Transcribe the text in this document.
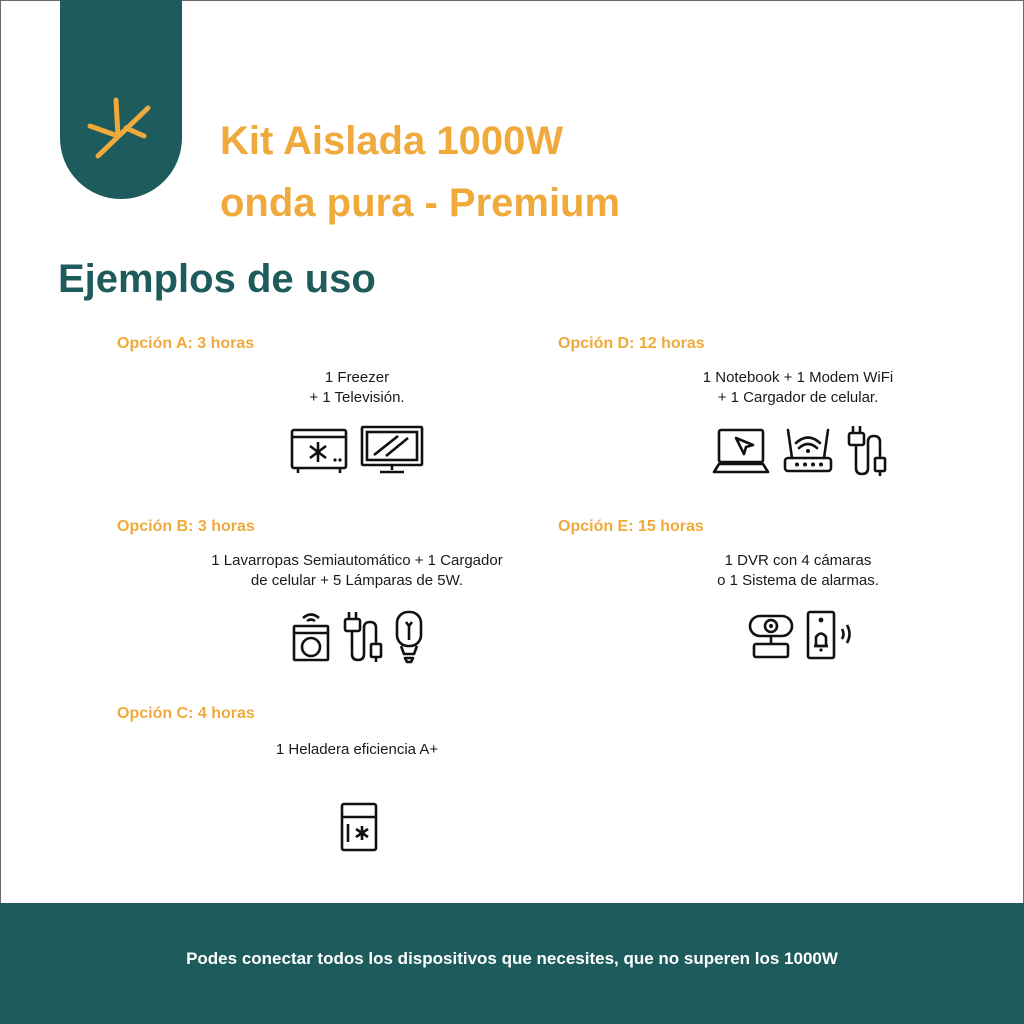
Kit Aislada 1000W
onda pura - Premium
Ejemplos de uso
Opción A: 3 horas
1 Freezer
+ 1 Televisión.
Opción B: 3 horas
1 Lavarropas Semiautomático + 1 Cargador
de celular + 5 Lámparas de 5W.
Opción C: 4 horas
1 Heladera eficiencia A+
Opción D: 12 horas
1 Notebook + 1 Modem WiFi
+ 1 Cargador de celular.
Opción E: 15 horas
1 DVR con 4 cámaras
o 1 Sistema de alarmas.

Podes conectar todos los dispositivos que necesites, que no superen los 1000W
